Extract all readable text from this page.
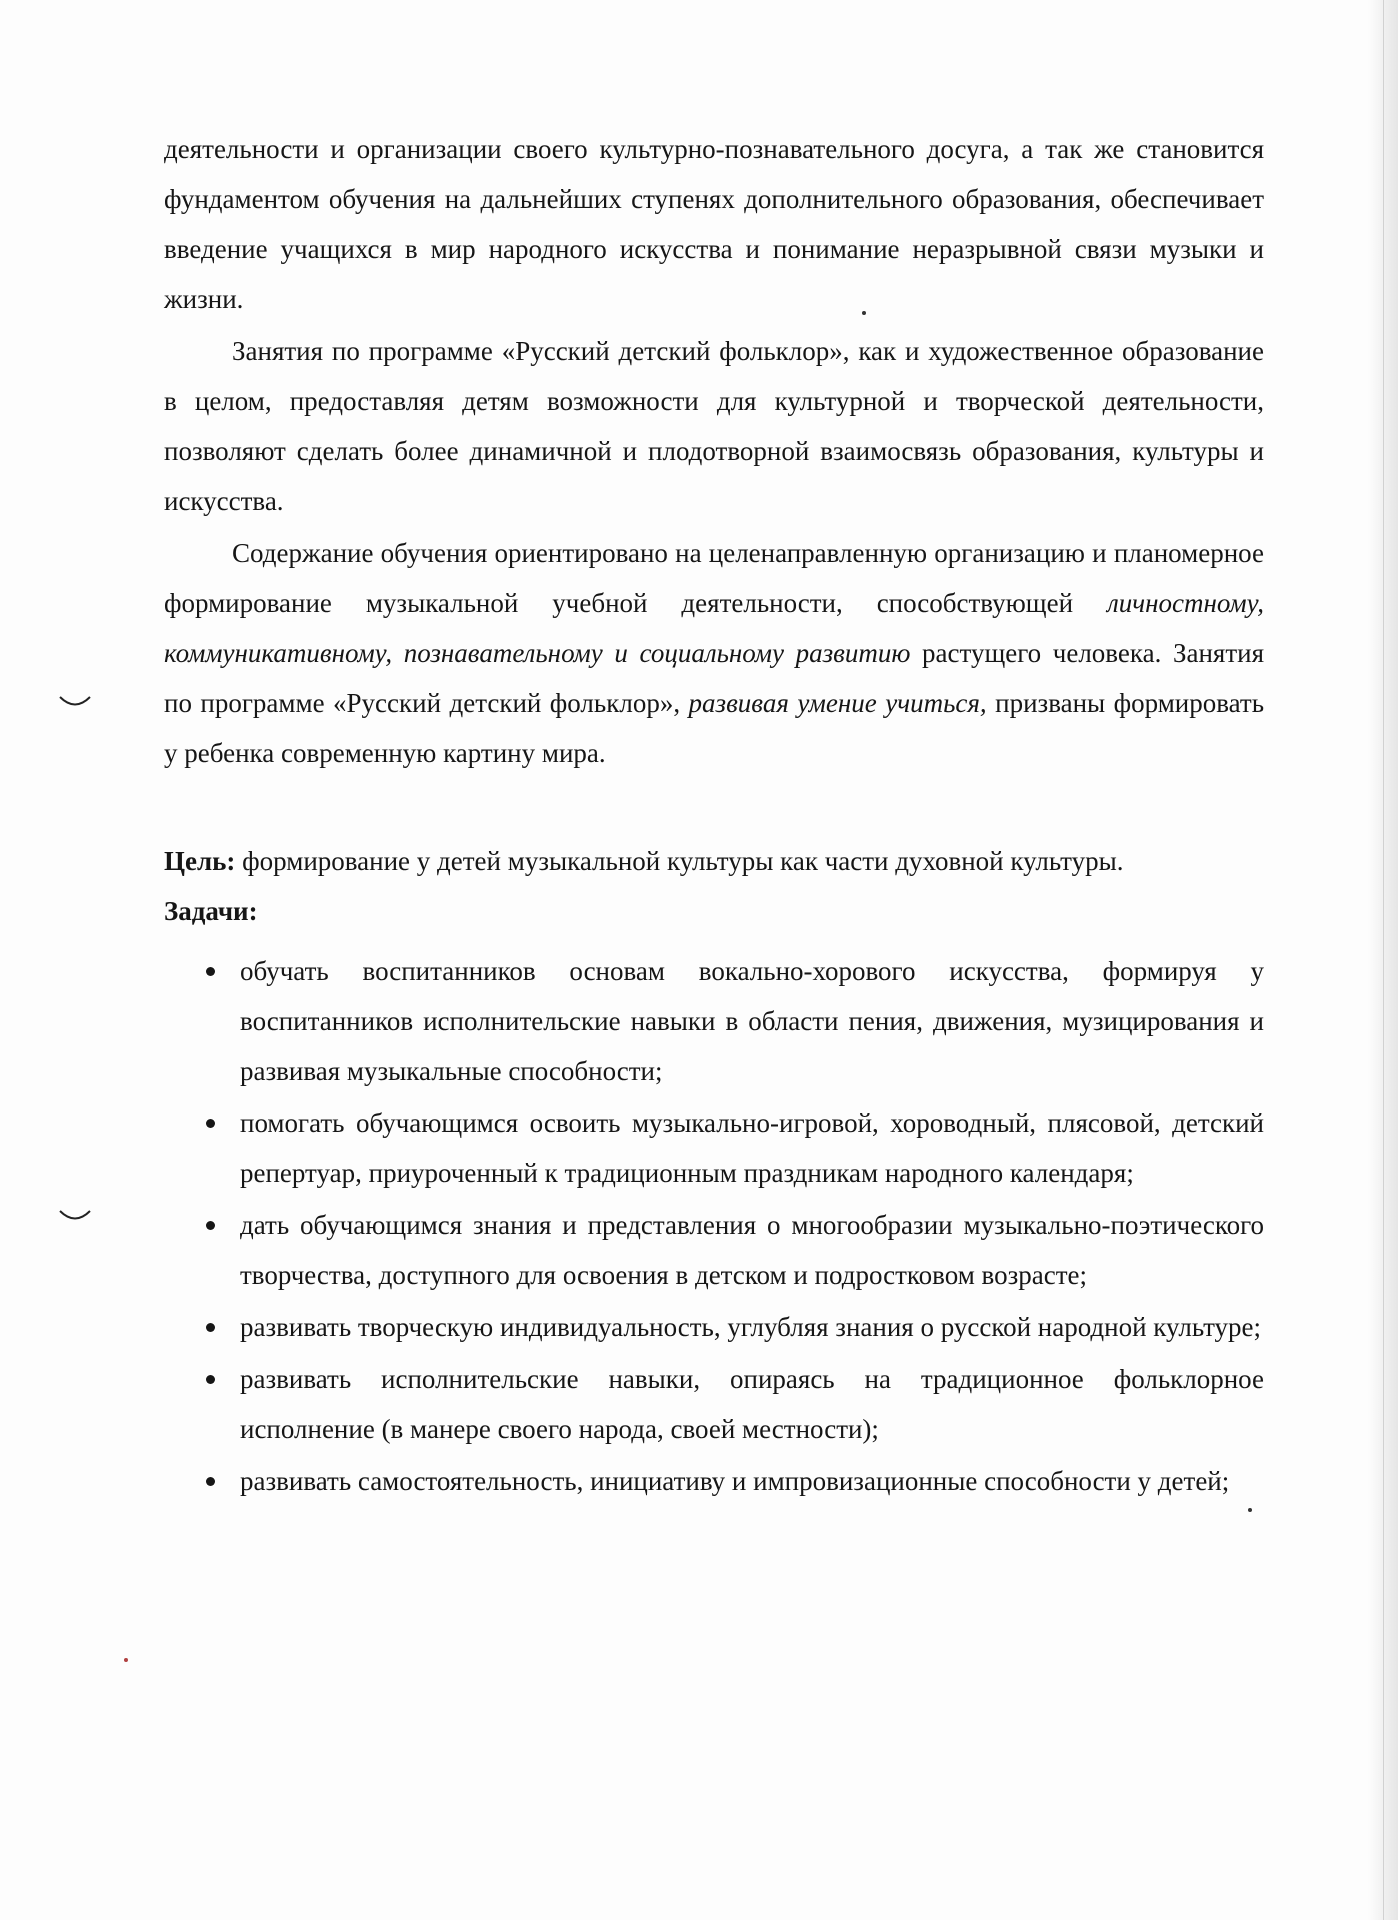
деятельности и организации своего культурно-познавательного досуга, а так же становится фундаментом обучения на дальнейших ступенях дополнительного образования, обеспечивает введение учащихся в мир народного искусства и понимание неразрывной связи музыки и жизни.

Занятия по программе «Русский детский фольклор», как и художественное образование в целом, предоставляя детям возможности для культурной и творческой деятельности, позволяют сделать более динамичной и плодотворной взаимосвязь образования, культуры и искусства.

Содержание обучения ориентировано на целенаправленную организацию и планомерное формирование музыкальной учебной деятельности, способствующей личностному, коммуникативному, познавательному и социальному развитию растущего человека. Занятия по программе «Русский детский фольклор», развивая умение учиться, призваны формировать у ребенка современную картину мира.

Цель: формирование у детей музыкальной культуры как части духовной культуры.

Задачи:

обучать воспитанников основам вокально-хорового искусства, формируя у воспитанников исполнительские навыки в области пения, движения, музицирования и развивая музыкальные способности;
помогать обучающимся освоить музыкально-игровой, хороводный, плясовой, детский репертуар, приуроченный к традиционным праздникам народного календаря;
дать обучающимся знания и представления о многообразии музыкально-поэтического творчества, доступного для освоения в детском и подростковом возрасте;
развивать творческую индивидуальность, углубляя знания о русской народной культуре;
развивать исполнительские навыки, опираясь на традиционное фольклорное исполнение (в манере своего народа, своей местности);
развивать самостоятельность, инициативу и импровизационные способности у детей;
